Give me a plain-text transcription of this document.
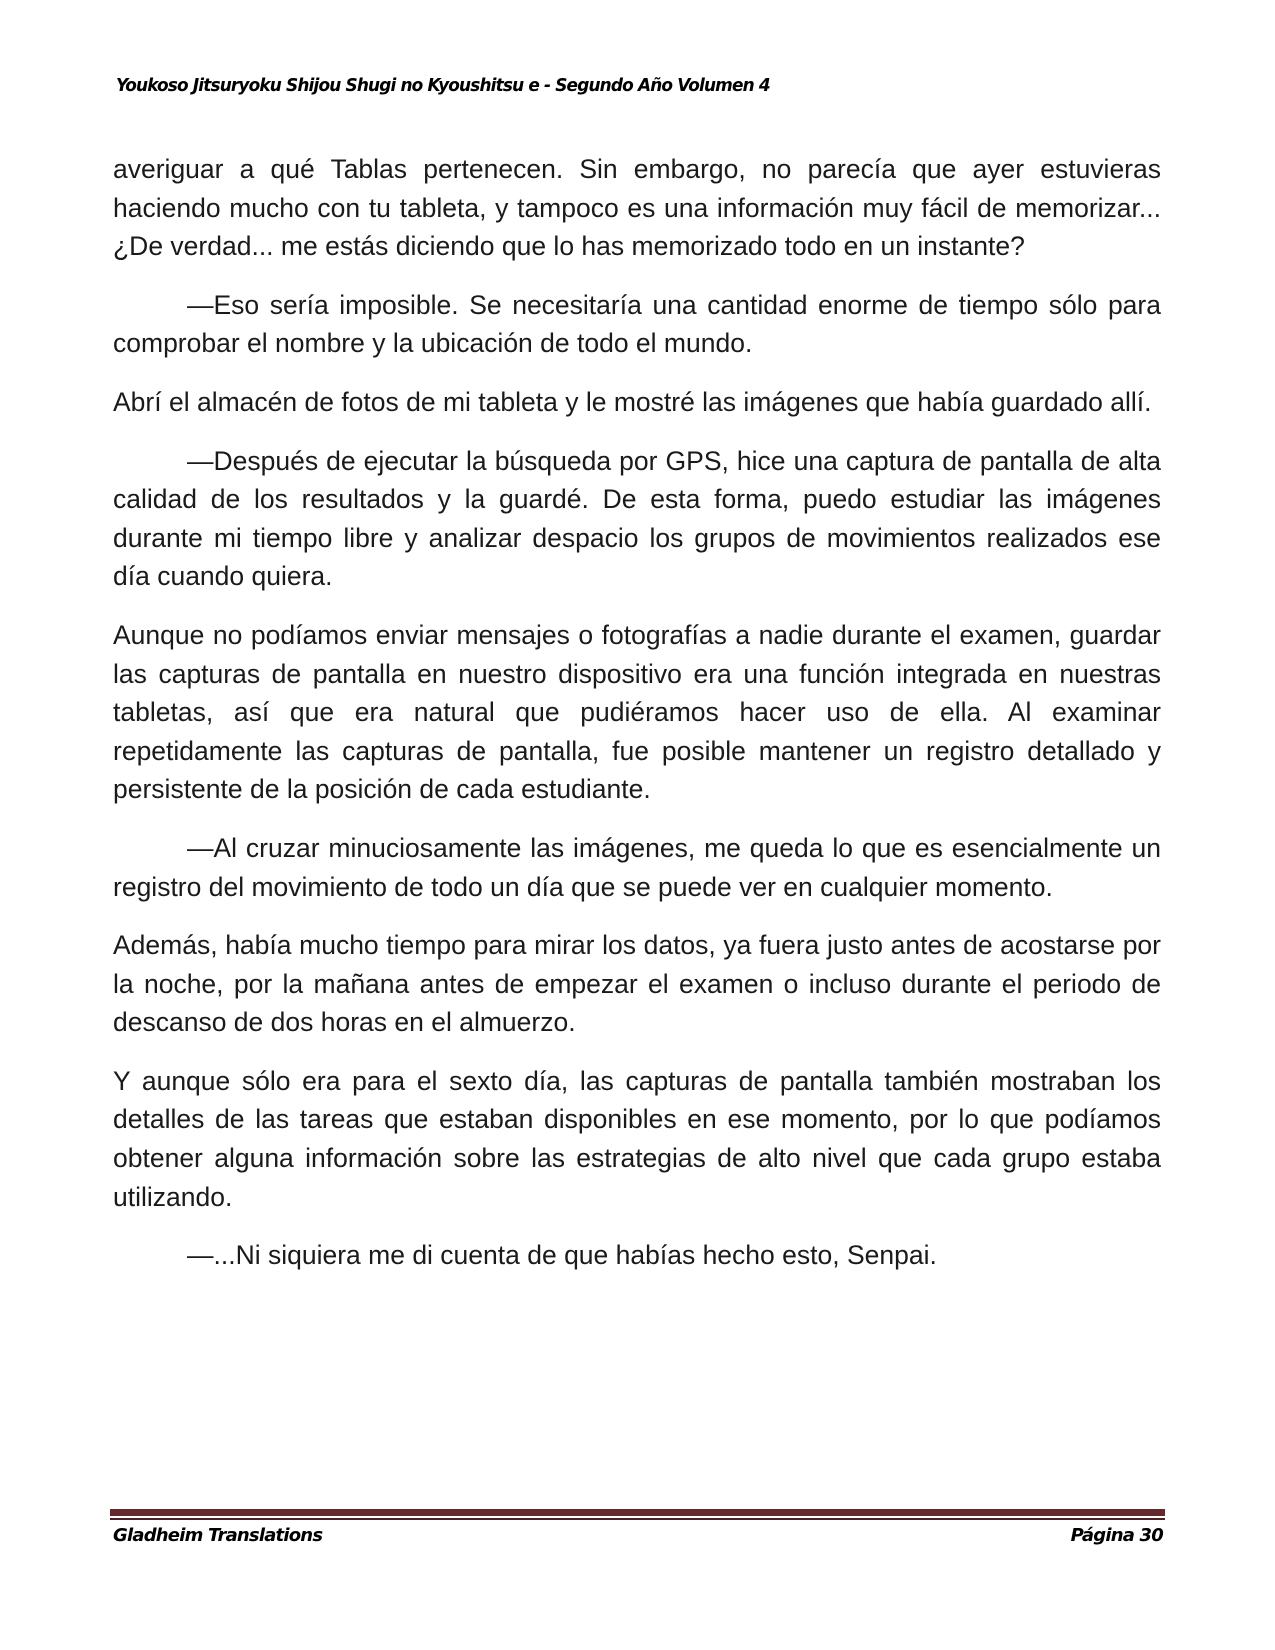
Youkoso Jitsuryoku Shijou Shugi no Kyoushitsu e - Segundo Año Volumen 4

averiguar a qué Tablas pertenecen. Sin embargo, no parecía que ayer estuvieras haciendo mucho con tu tableta, y tampoco es una información muy fácil de memorizar... ¿De verdad... me estás diciendo que lo has memorizado todo en un instante?

—Eso sería imposible. Se necesitaría una cantidad enorme de tiempo sólo para comprobar el nombre y la ubicación de todo el mundo.

Abrí el almacén de fotos de mi tableta y le mostré las imágenes que había guardado allí.

—Después de ejecutar la búsqueda por GPS, hice una captura de pantalla de alta calidad de los resultados y la guardé. De esta forma, puedo estudiar las imágenes durante mi tiempo libre y analizar despacio los grupos de movimientos realizados ese día cuando quiera.

Aunque no podíamos enviar mensajes o fotografías a nadie durante el examen, guardar las capturas de pantalla en nuestro dispositivo era una función integrada en nuestras tabletas, así que era natural que pudiéramos hacer uso de ella. Al examinar repetidamente las capturas de pantalla, fue posible mantener un registro detallado y persistente de la posición de cada estudiante.

—Al cruzar minuciosamente las imágenes, me queda lo que es esencialmente un registro del movimiento de todo un día que se puede ver en cualquier momento.

Además, había mucho tiempo para mirar los datos, ya fuera justo antes de acostarse por la noche, por la mañana antes de empezar el examen o incluso durante el periodo de descanso de dos horas en el almuerzo.

Y aunque sólo era para el sexto día, las capturas de pantalla también mostraban los detalles de las tareas que estaban disponibles en ese momento, por lo que podíamos obtener alguna información sobre las estrategias de alto nivel que cada grupo estaba utilizando.

—...Ni siquiera me di cuenta de que habías hecho esto, Senpai.

Gladheim Translations	Página 30
